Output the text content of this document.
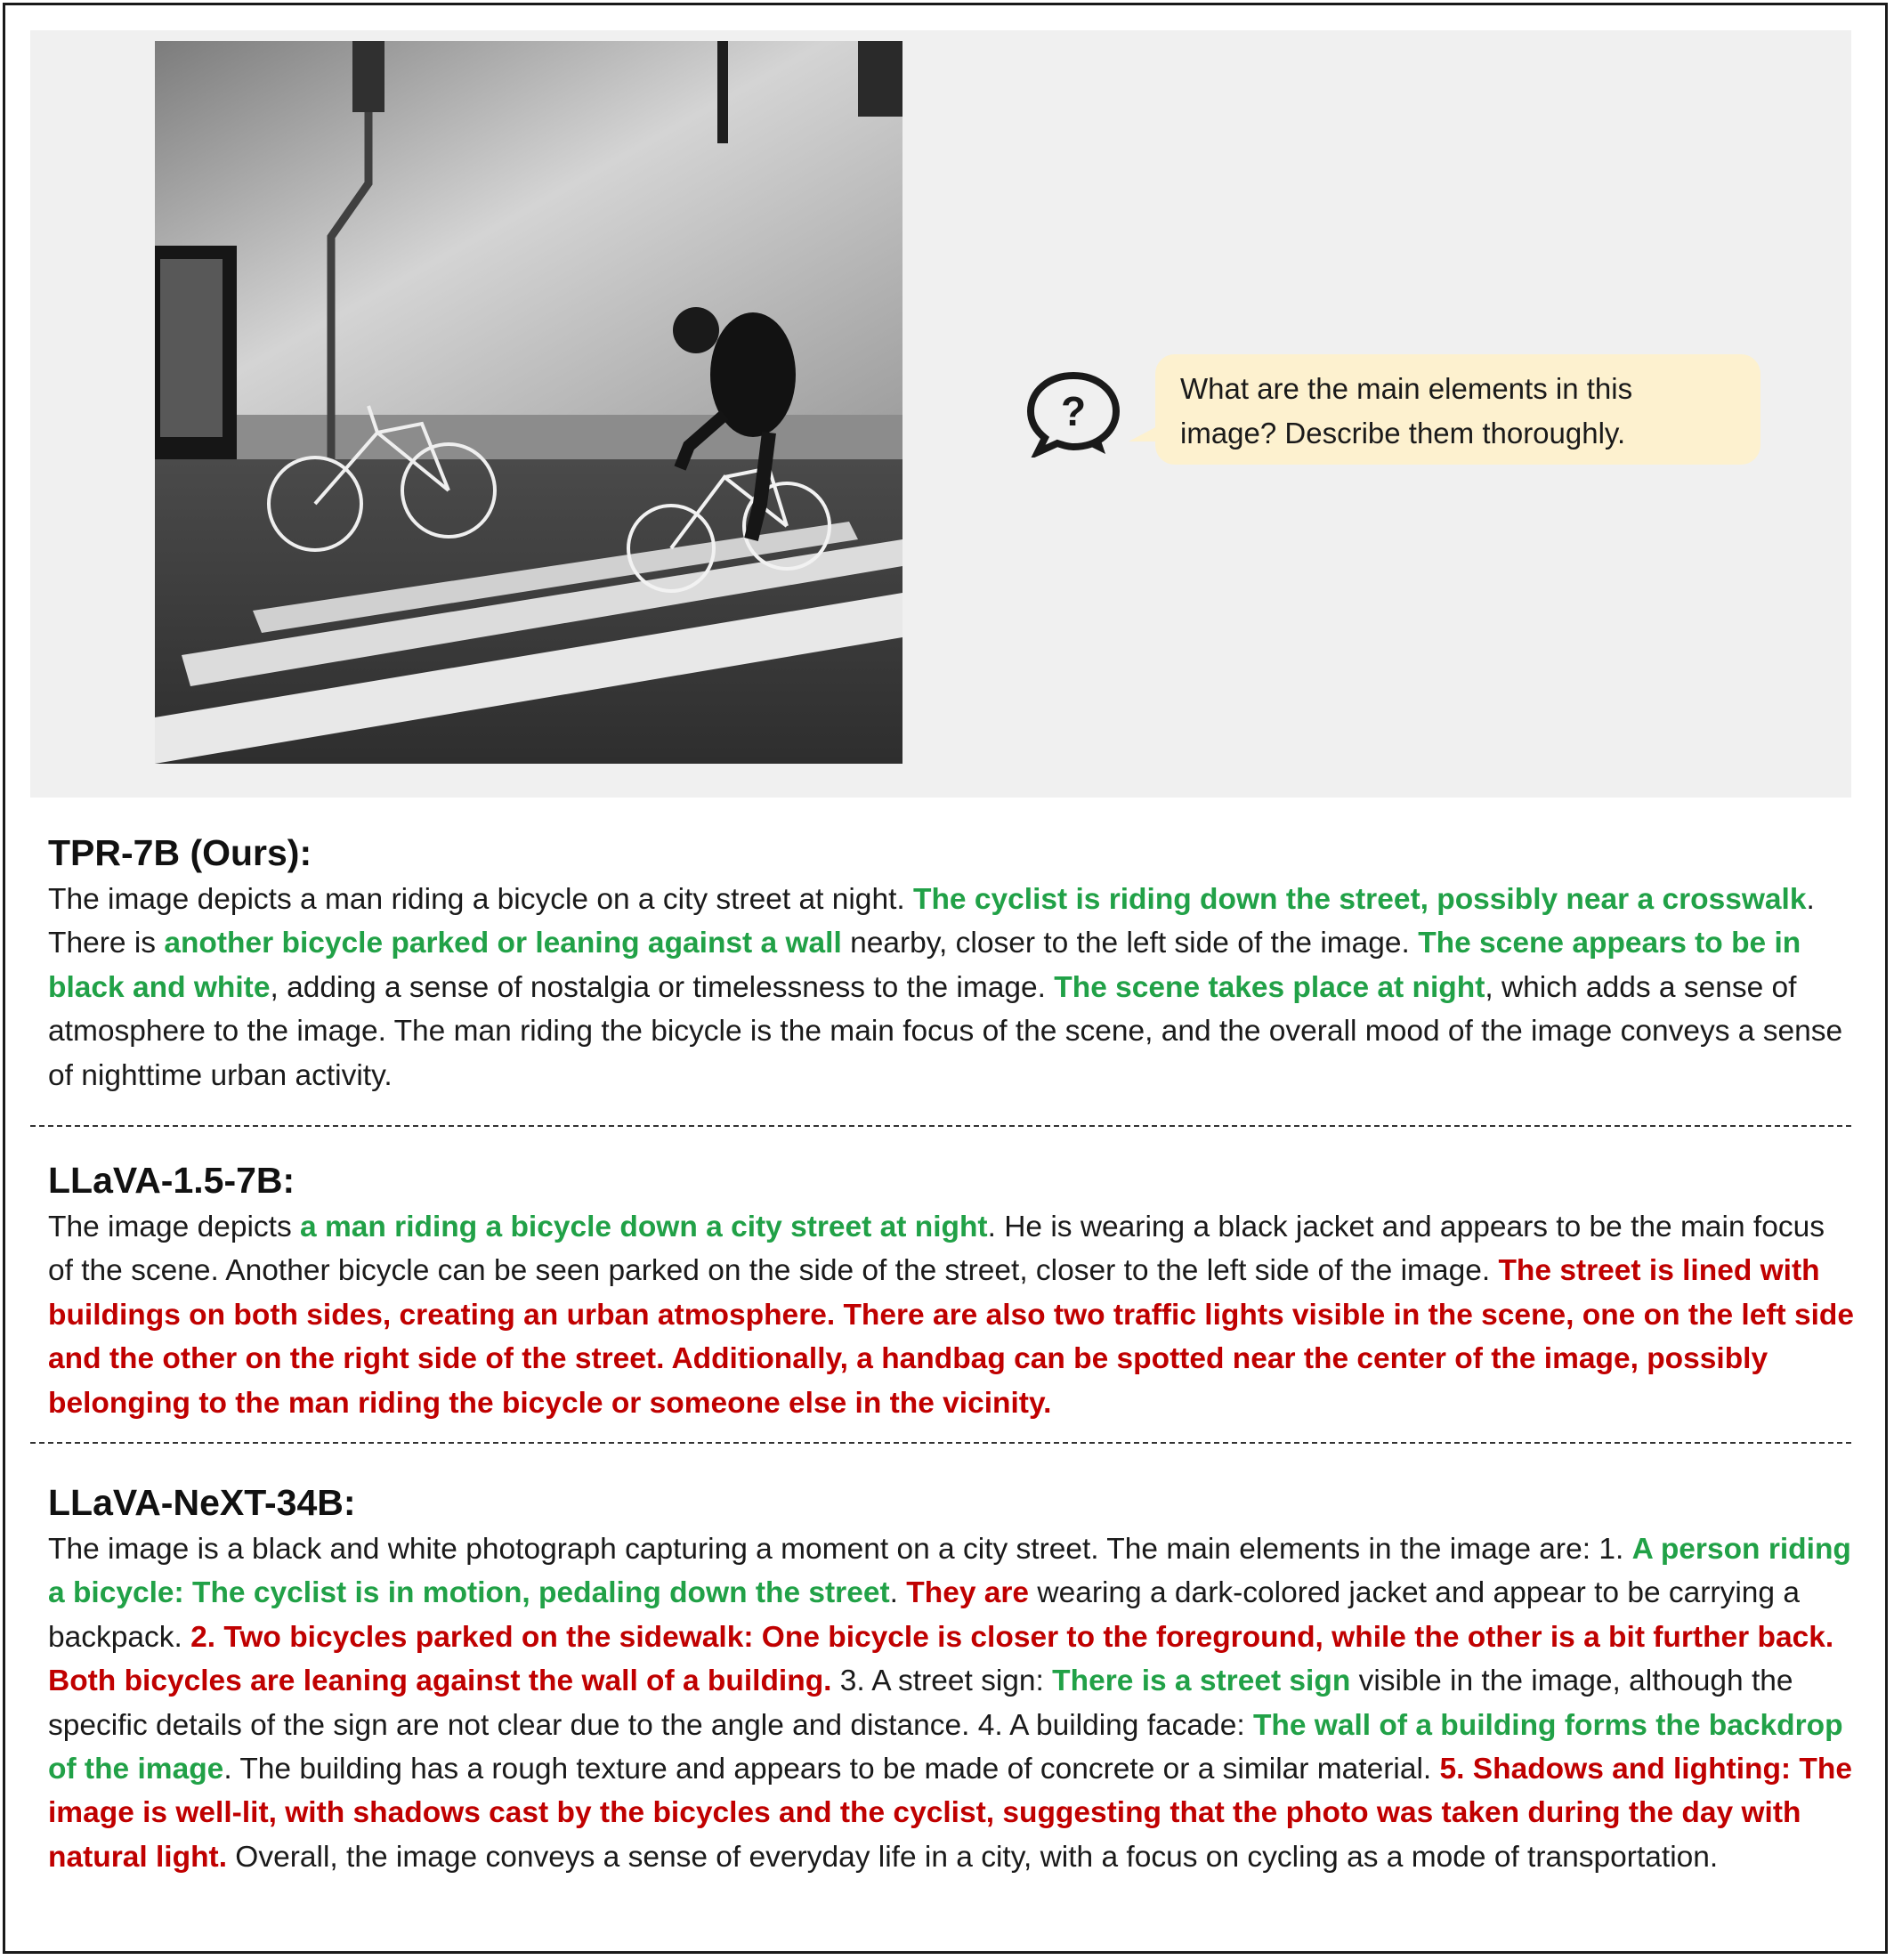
?	What are the main elements in this image? Describe them thoroughly.
TPR-7B (Ours):

The image depicts a man riding a bicycle on a city street at night. The cyclist is riding down the street, possibly near a crosswalk. There is another bicycle parked or leaning against a wall nearby, closer to the left side of the image. The scene appears to be in black and white, adding a sense of nostalgia or timelessness to the image. The scene takes place at night, which adds a sense of atmosphere to the image. The man riding the bicycle is the main focus of the scene, and the overall mood of the image conveys a sense of nighttime urban activity.

LLaVA-1.5-7B:

The image depicts a man riding a bicycle down a city street at night. He is wearing a black jacket and appears to be the main focus of the scene. Another bicycle can be seen parked on the side of the street, closer to the left side of the image. The street is lined with buildings on both sides, creating an urban atmosphere. There are also two traffic lights visible in the scene, one on the left side and the other on the right side of the street. Additionally, a handbag can be spotted near the center of the image, possibly belonging to the man riding the bicycle or someone else in the vicinity.

LLaVA-NeXT-34B:

The image is a black and white photograph capturing a moment on a city street. The main elements in the image are: 1. A person riding a bicycle: The cyclist is in motion, pedaling down the street. They are wearing a dark-colored jacket and appear to be carrying a backpack. 2. Two bicycles parked on the sidewalk: One bicycle is closer to the foreground, while the other is a bit further back. Both bicycles are leaning against the wall of a building. 3. A street sign: There is a street sign visible in the image, although the specific details of the sign are not clear due to the angle and distance. 4. A building facade: The wall of a building forms the backdrop of the image. The building has a rough texture and appears to be made of concrete or a similar material. 5. Shadows and lighting: The image is well-lit, with shadows cast by the bicycles and the cyclist, suggesting that the photo was taken during the day with natural light. Overall, the image conveys a sense of everyday life in a city, with a focus on cycling as a mode of transportation.
